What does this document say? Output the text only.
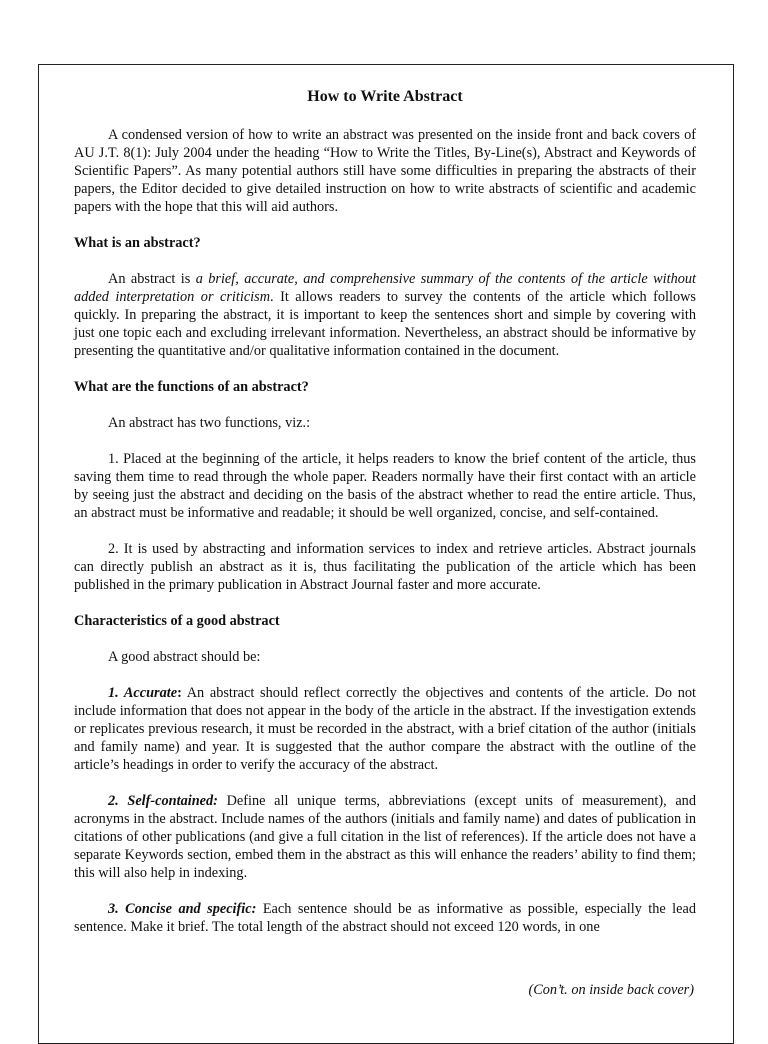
How to Write Abstract

A condensed version of how to write an abstract was presented on the inside front and back covers of AU J.T. 8(1): July 2004 under the heading “How to Write the Titles, By-Line(s), Abstract and Keywords of Scientific Papers”. As many potential authors still have some difficulties in preparing the abstracts of their papers, the Editor decided to give detailed instruction on how to write abstracts of scientific and academic papers with the hope that this will aid authors.

What is an abstract?

An abstract is a brief, accurate, and comprehensive summary of the contents of the article without added interpretation or criticism. It allows readers to survey the contents of the article which follows quickly. In preparing the abstract, it is important to keep the sentences short and simple by covering with just one topic each and excluding irrelevant information. Nevertheless, an abstract should be informative by presenting the quantitative and/or qualitative information contained in the document.

What are the functions of an abstract?

An abstract has two functions, viz.:

1. Placed at the beginning of the article, it helps readers to know the brief content of the article, thus saving them time to read through the whole paper. Readers normally have their first contact with an article by seeing just the abstract and deciding on the basis of the abstract whether to read the entire article. Thus, an abstract must be informative and readable; it should be well organized, concise, and self-contained.

2. It is used by abstracting and information services to index and retrieve articles. Abstract journals can directly publish an abstract as it is, thus facilitating the publication of the article which has been published in the primary publication in Abstract Journal faster and more accurate.

Characteristics of a good abstract

A good abstract should be:

1. Accurate: An abstract should reflect correctly the objectives and contents of the article. Do not include information that does not appear in the body of the article in the abstract. If the investigation extends or replicates previous research, it must be recorded in the abstract, with a brief citation of the author (initials and family name) and year. It is suggested that the author compare the abstract with the outline of the article’s headings in order to verify the accuracy of the abstract.

2. Self-contained: Define all unique terms, abbreviations (except units of measurement), and acronyms in the abstract. Include names of the authors (initials and family name) and dates of publication in citations of other publications (and give a full citation in the list of references). If the article does not have a separate Keywords section, embed them in the abstract as this will enhance the readers’ ability to find them; this will also help in indexing.

3. Concise and specific: Each sentence should be as informative as possible, especially the lead sentence. Make it brief. The total length of the abstract should not exceed 120 words, in one

(Con’t. on inside back cover)
